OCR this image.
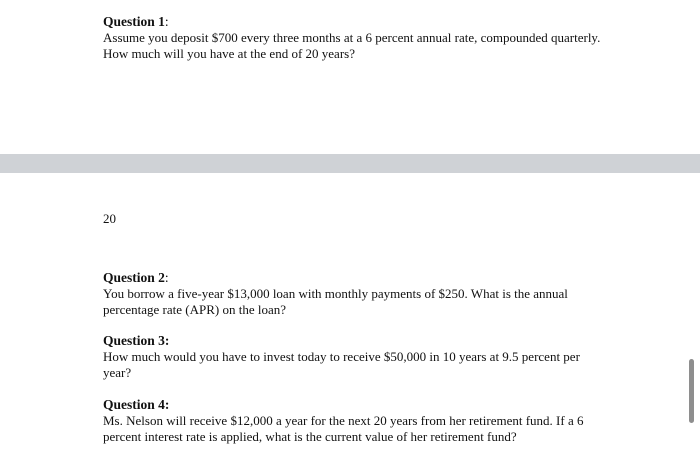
Question 1:
Assume you deposit $700 every three months at a 6 percent annual rate, compounded quarterly. How much will you have at the end of 20 years?
20
Question 2:
You borrow a five-year $13,000 loan with monthly payments of $250. What is the annual percentage rate (APR) on the loan?
Question 3:
How much would you have to invest today to receive $50,000 in 10 years at 9.5 percent per year?
Question 4:
Ms. Nelson will receive $12,000 a year for the next 20 years from her retirement fund. If a 6 percent interest rate is applied, what is the current value of her retirement fund?
